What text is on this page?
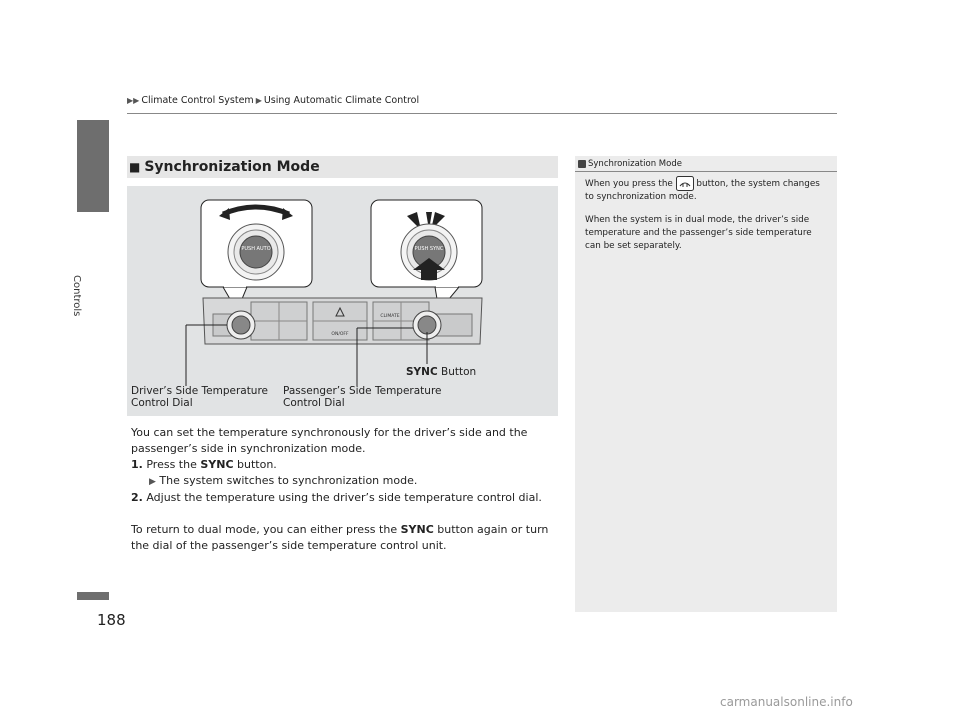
Controls
▶▶ Climate Control System ▶ Using Automatic Climate Control
■ Synchronization Mode
PUSH AUTO	PUSH SYNC
CLIMATE
ON/OFF
SYNC Button
Driver’s Side Temperature
Control Dial
Passenger’s Side Temperature
Control Dial

You can set the temperature synchronously for the driver’s side and the passenger’s side in synchronization mode.

1. Press the SYNC button.

▶ The system switches to synchronization mode.

2. Adjust the temperature using the driver’s side temperature control dial.

To return to dual mode, you can either press the SYNC button again or turn the dial of the passenger’s side temperature control unit.

Synchronization Mode

When you press the  button, the system changes to synchronization mode.

When the system is in dual mode, the driver’s side temperature and the passenger’s side temperature can be set separately.

188
carmanualsonline.info
